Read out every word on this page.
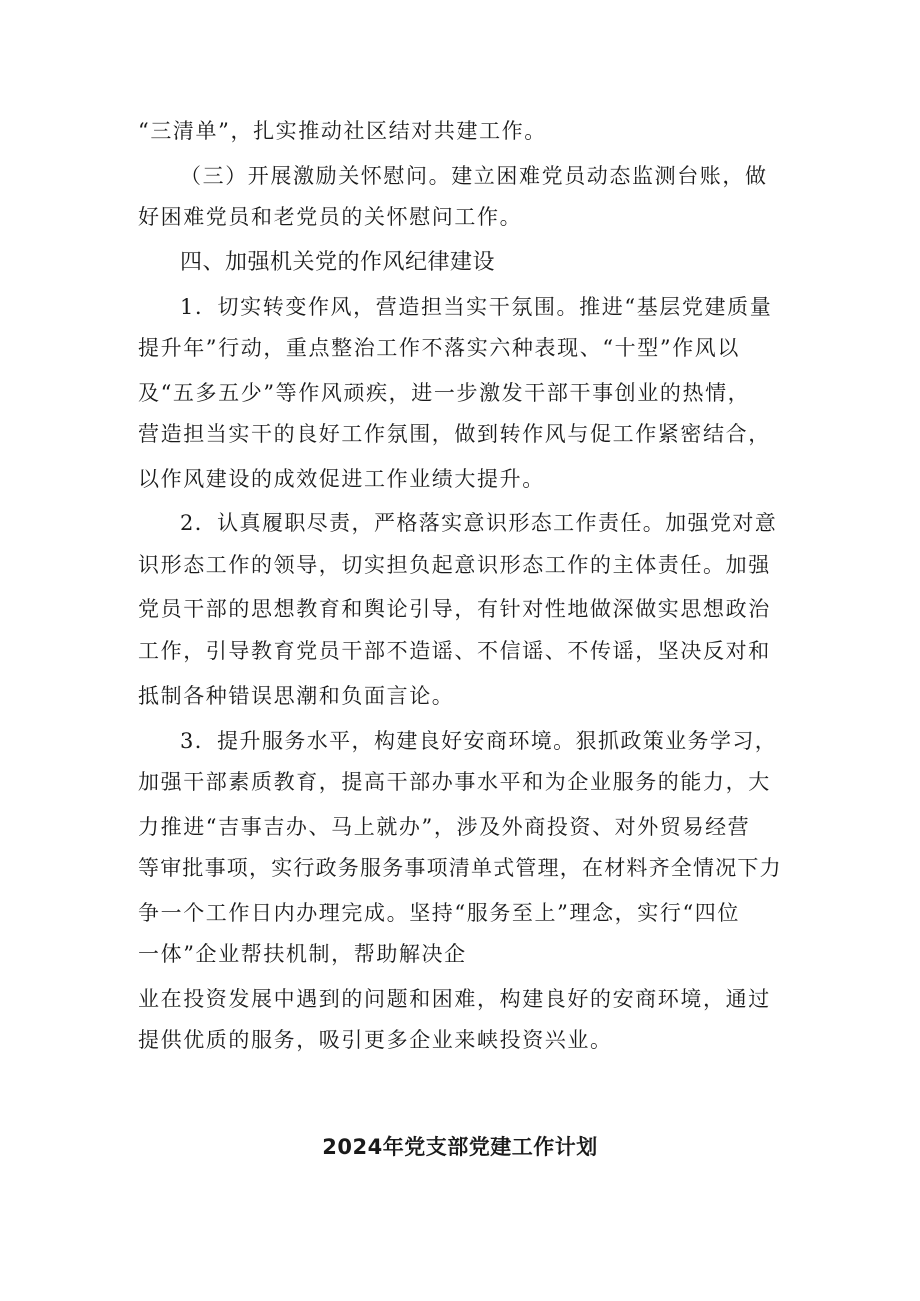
“三清单”，扎实推动社区结对共建工作。
（三）开展激励关怀慰问。建立困难党员动态监测台账，做
好困难党员和老党员的关怀慰问工作。
四、加强机关党的作风纪律建设
1．切实转变作风，营造担当实干氛围。推进“基层党建质量
提升年”行动，重点整治工作不落实六种表现、“十型”作风以
及“五多五少”等作风顽疾，进一步激发干部干事创业的热情，
营造担当实干的良好工作氛围，做到转作风与促工作紧密结合，
以作风建设的成效促进工作业绩大提升。
2．认真履职尽责，严格落实意识形态工作责任。加强党对意
识形态工作的领导，切实担负起意识形态工作的主体责任。加强
党员干部的思想教育和舆论引导，有针对性地做深做实思想政治
工作，引导教育党员干部不造谣、不信谣、不传谣，坚决反对和
抵制各种错误思潮和负面言论。
3．提升服务水平，构建良好安商环境。狠抓政策业务学习，
加强干部素质教育，提高干部办事水平和为企业服务的能力，大
力推进“吉事吉办、马上就办”，涉及外商投资、对外贸易经营
等审批事项，实行政务服务事项清单式管理，在材料齐全情况下力
争一个工作日内办理完成。坚持“服务至上”理念，实行“四位
一体”企业帮扶机制，帮助解决企
业在投资发展中遇到的问题和困难，构建良好的安商环境，通过
提供优质的服务，吸引更多企业来峡投资兴业。
2024年党支部党建工作计划
